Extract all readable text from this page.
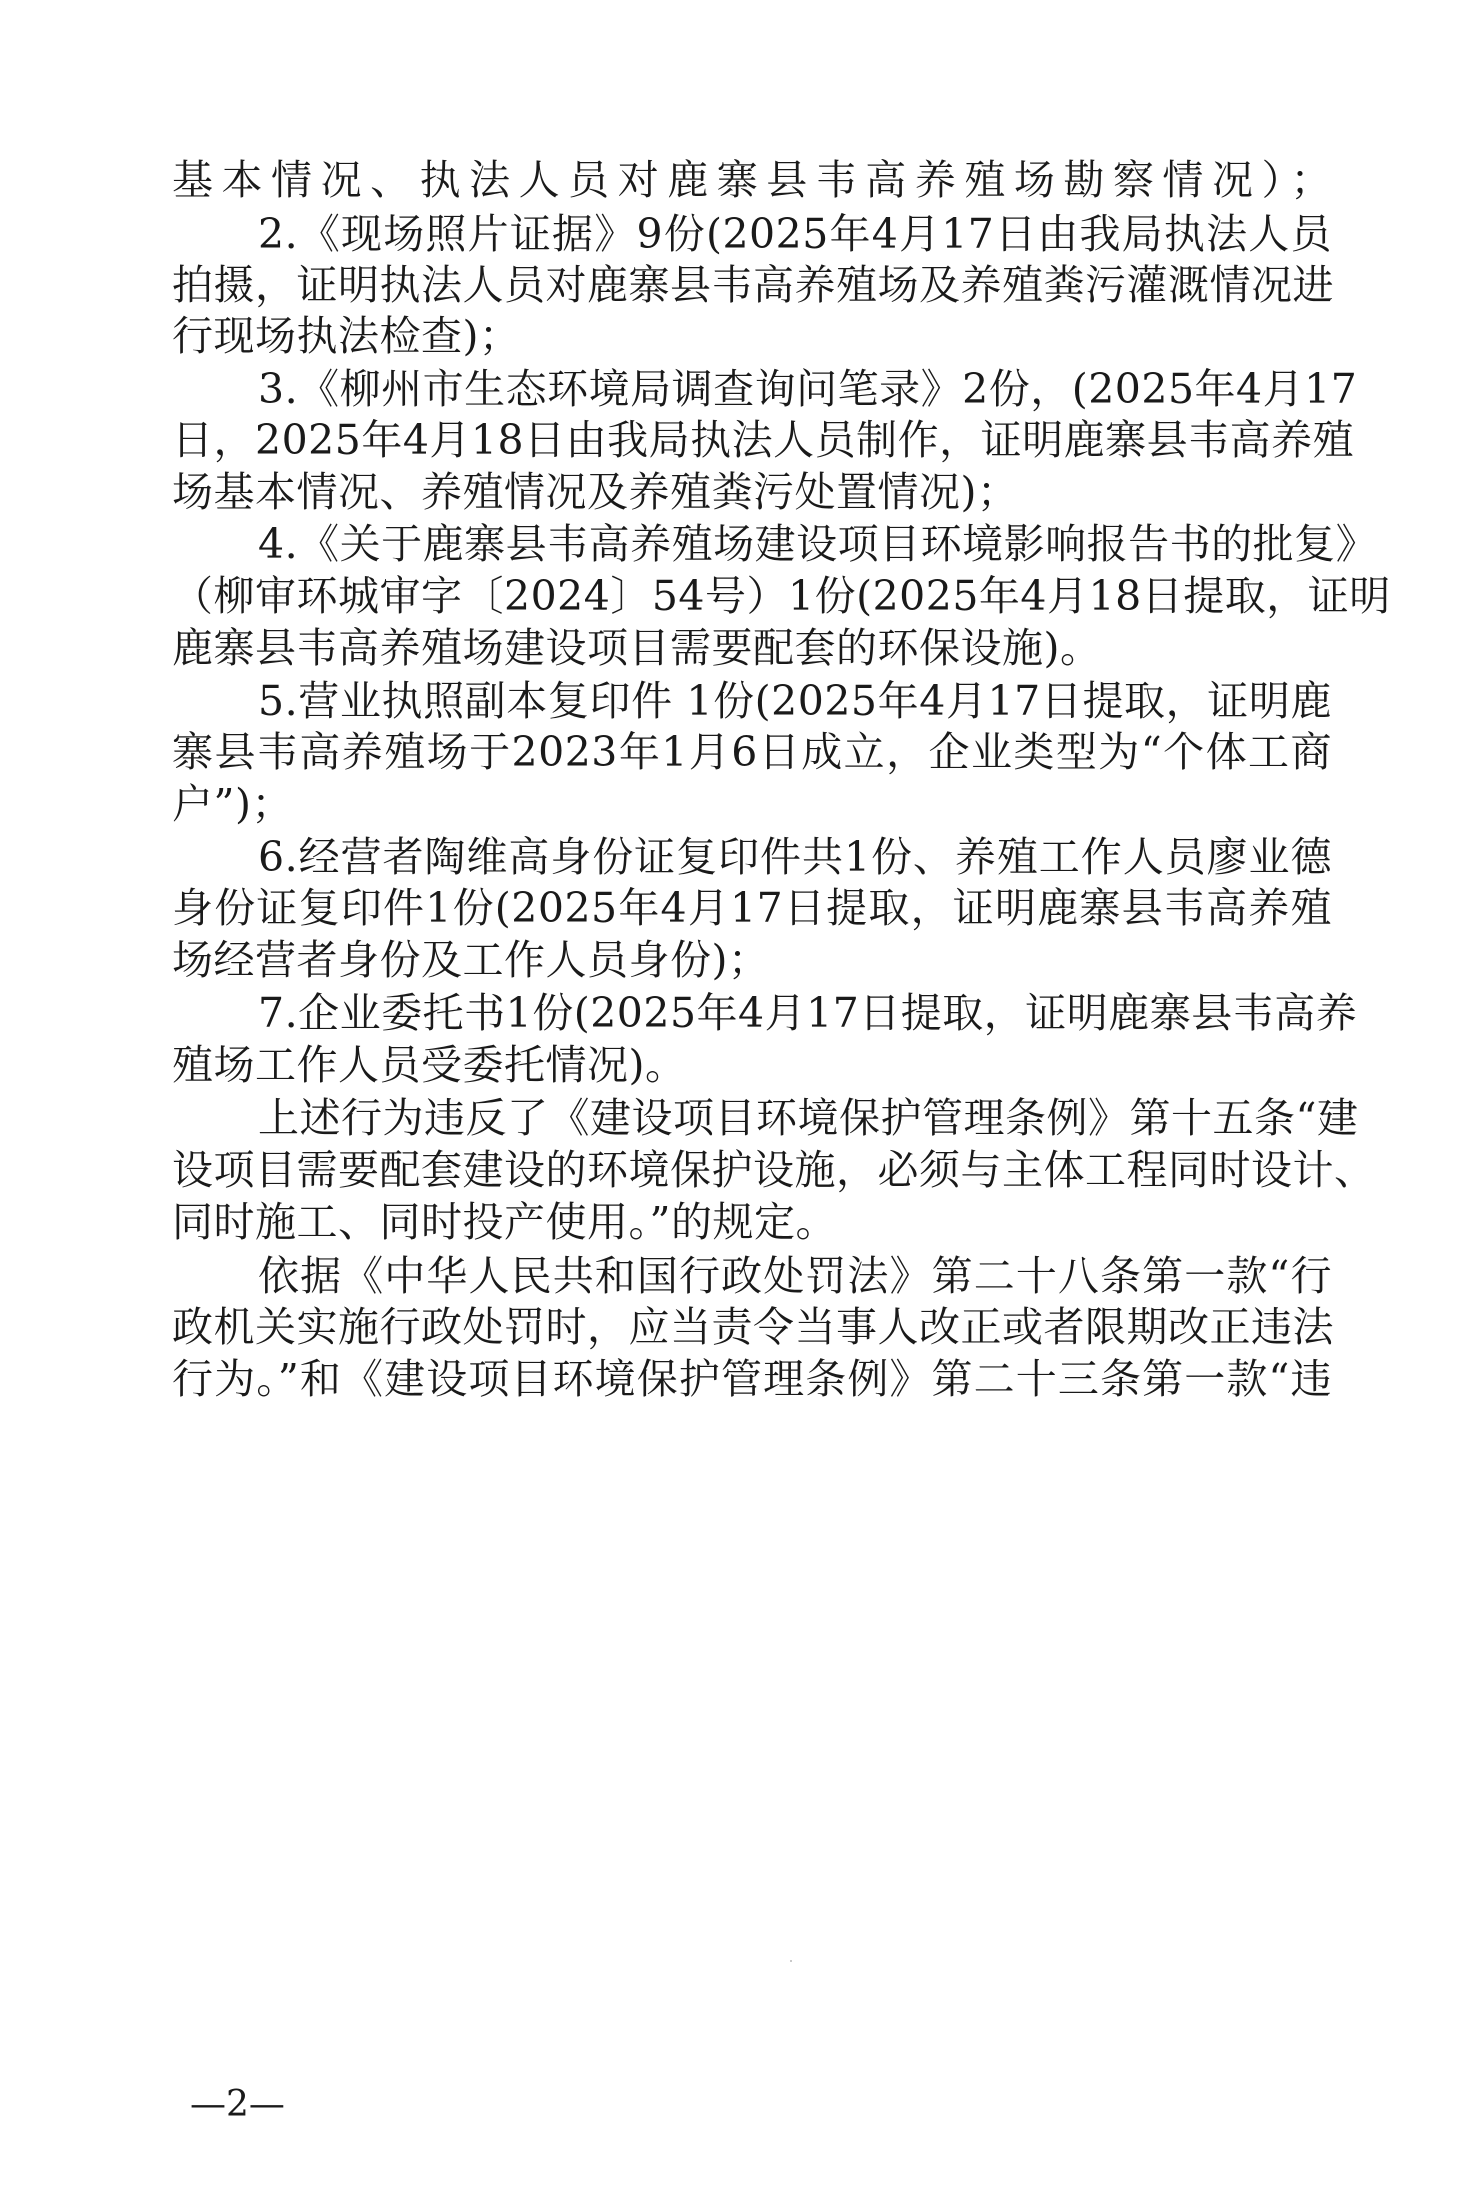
基本情况、执法人员对鹿寨县韦高养殖场勘察情况）；
2.《现场照片证据》9份(2025年4月17日由我局执法人员
拍摄，证明执法人员对鹿寨县韦高养殖场及养殖粪污灌溉情况进
行现场执法检查)；
3.《柳州市生态环境局调查询问笔录》2份，(2025年4月17
日，2025年4月18日由我局执法人员制作，证明鹿寨县韦高养殖
场基本情况、养殖情况及养殖粪污处置情况)；
4.《关于鹿寨县韦高养殖场建设项目环境影响报告书的批复》
（柳审环城审字〔2024〕54号）1份(2025年4月18日提取，证明
鹿寨县韦高养殖场建设项目需要配套的环保设施)。
5.营业执照副本复印件 1份(2025年4月17日提取，证明鹿
寨县韦高养殖场于2023年1月6日成立，企业类型为“个体工商
户”)；
6.经营者陶维高身份证复印件共1份、养殖工作人员廖业德
身份证复印件1份(2025年4月17日提取，证明鹿寨县韦高养殖
场经营者身份及工作人员身份)；
7.企业委托书1份(2025年4月17日提取，证明鹿寨县韦高养
殖场工作人员受委托情况)。
上述行为违反了《建设项目环境保护管理条例》第十五条“建
设项目需要配套建设的环境保护设施，必须与主体工程同时设计、
同时施工、同时投产使用。”的规定。
依据《中华人民共和国行政处罚法》第二十八条第一款“行
政机关实施行政处罚时，应当责令当事人改正或者限期改正违法
行为。”和《建设项目环境保护管理条例》第二十三条第一款“违
—2—
